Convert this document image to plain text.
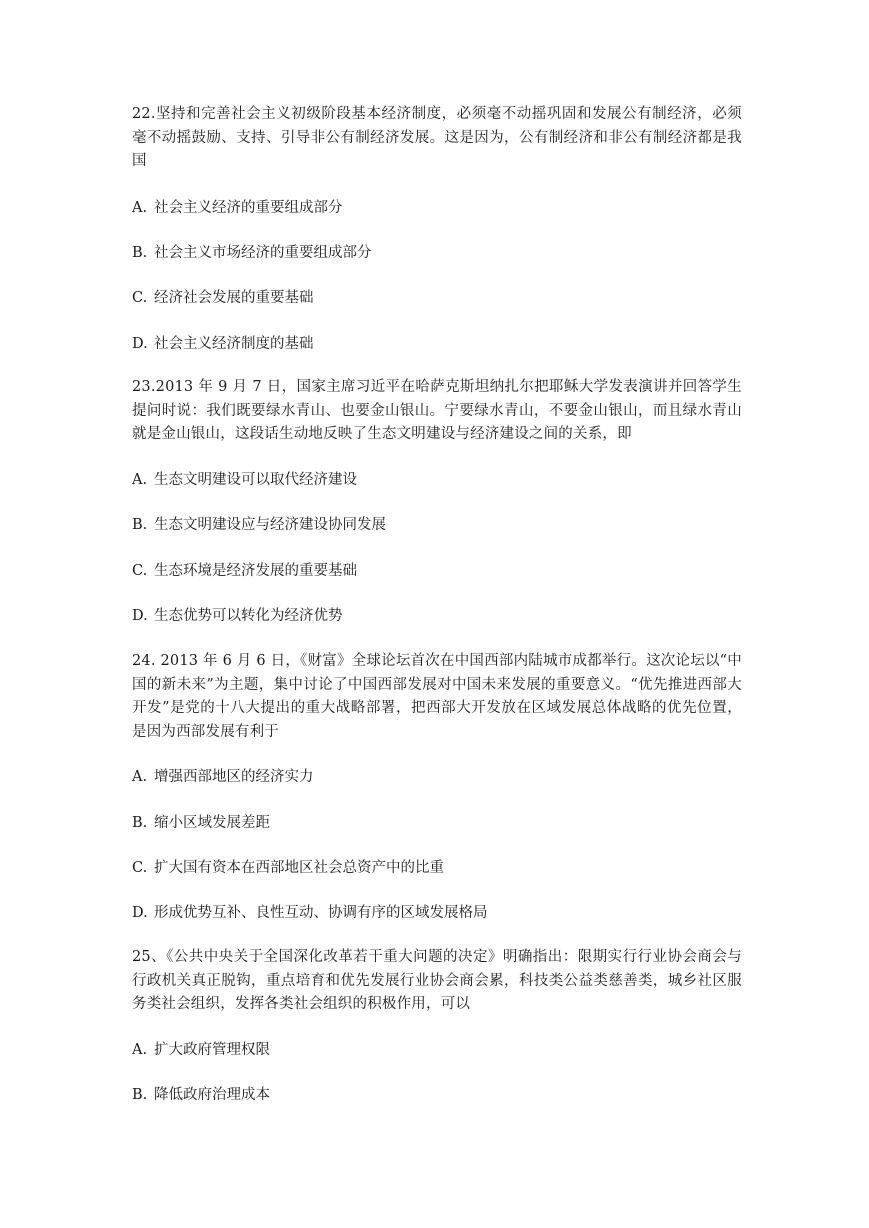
22.坚持和完善社会主义初级阶段基本经济制度，必须毫不动摇巩固和发展公有制经济，必须毫不动摇鼓励、支持、引导非公有制经济发展。这是因为，公有制经济和非公有制经济都是我国

A. 社会主义经济的重要组成部分

B. 社会主义市场经济的重要组成部分

C. 经济社会发展的重要基础

D. 社会主义经济制度的基础

23.2013 年 9 月 7 日，国家主席习近平在哈萨克斯坦纳扎尔把耶稣大学发表演讲并回答学生提问时说：我们既要绿水青山、也要金山银山。宁要绿水青山，不要金山银山，而且绿水青山就是金山银山，这段话生动地反映了生态文明建设与经济建设之间的关系，即

A. 生态文明建设可以取代经济建设

B. 生态文明建设应与经济建设协同发展

C. 生态环境是经济发展的重要基础

D. 生态优势可以转化为经济优势

24. 2013 年 6 月 6 日，《财富》全球论坛首次在中国西部内陆城市成都举行。这次论坛以“中国的新未来”为主题，集中讨论了中国西部发展对中国未来发展的重要意义。“优先推进西部大开发”是党的十八大提出的重大战略部署，把西部大开发放在区域发展总体战略的优先位置，是因为西部发展有利于

A. 增强西部地区的经济实力

B. 缩小区域发展差距

C. 扩大国有资本在西部地区社会总资产中的比重

D. 形成优势互补、良性互动、协调有序的区域发展格局

25、《公共中央关于全国深化改革若干重大问题的决定》明确指出：限期实行行业协会商会与行政机关真正脱钩，重点培育和优先发展行业协会商会累，科技类公益类慈善类，城乡社区服务类社会组织，发挥各类社会组织的积极作用，可以

A. 扩大政府管理权限

B. 降低政府治理成本
